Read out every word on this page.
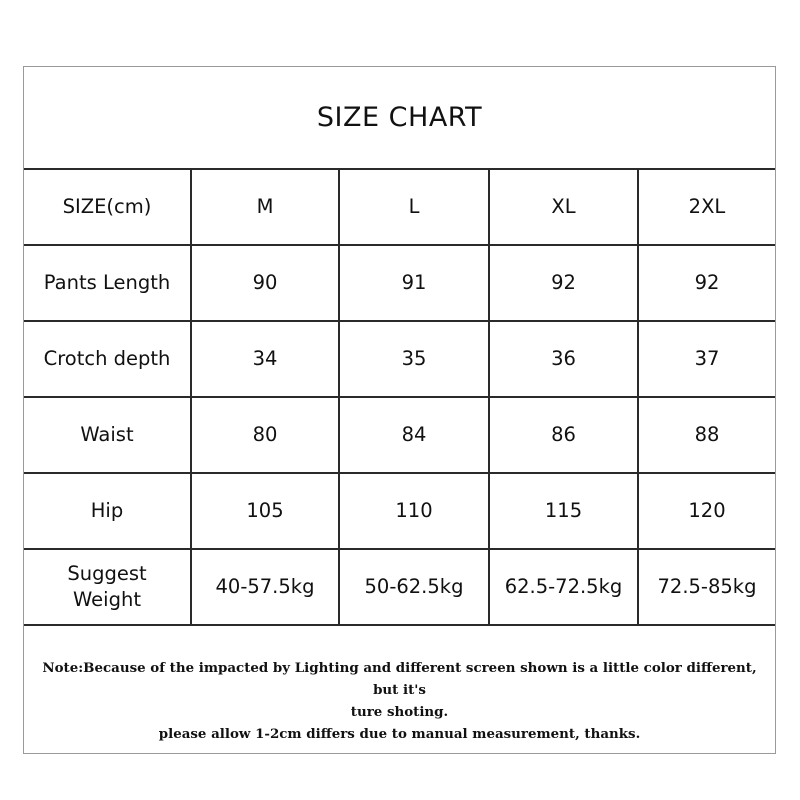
SIZE CHART
SIZE(cm)	M	L	XL	2XL
Pants Length	90	91	92	92
Crotch depth	34	35	36	37
Waist	80	84	86	88
Hip	105	110	115	120

Suggest
Weight	40-57.5kg	50-62.5kg	62.5-72.5kg	72.5-85kg
Note:Because of the impacted by Lighting and different screen shown is a little color different, but it's
ture shoting.
please allow 1-2cm differs due to manual measurement, thanks.
